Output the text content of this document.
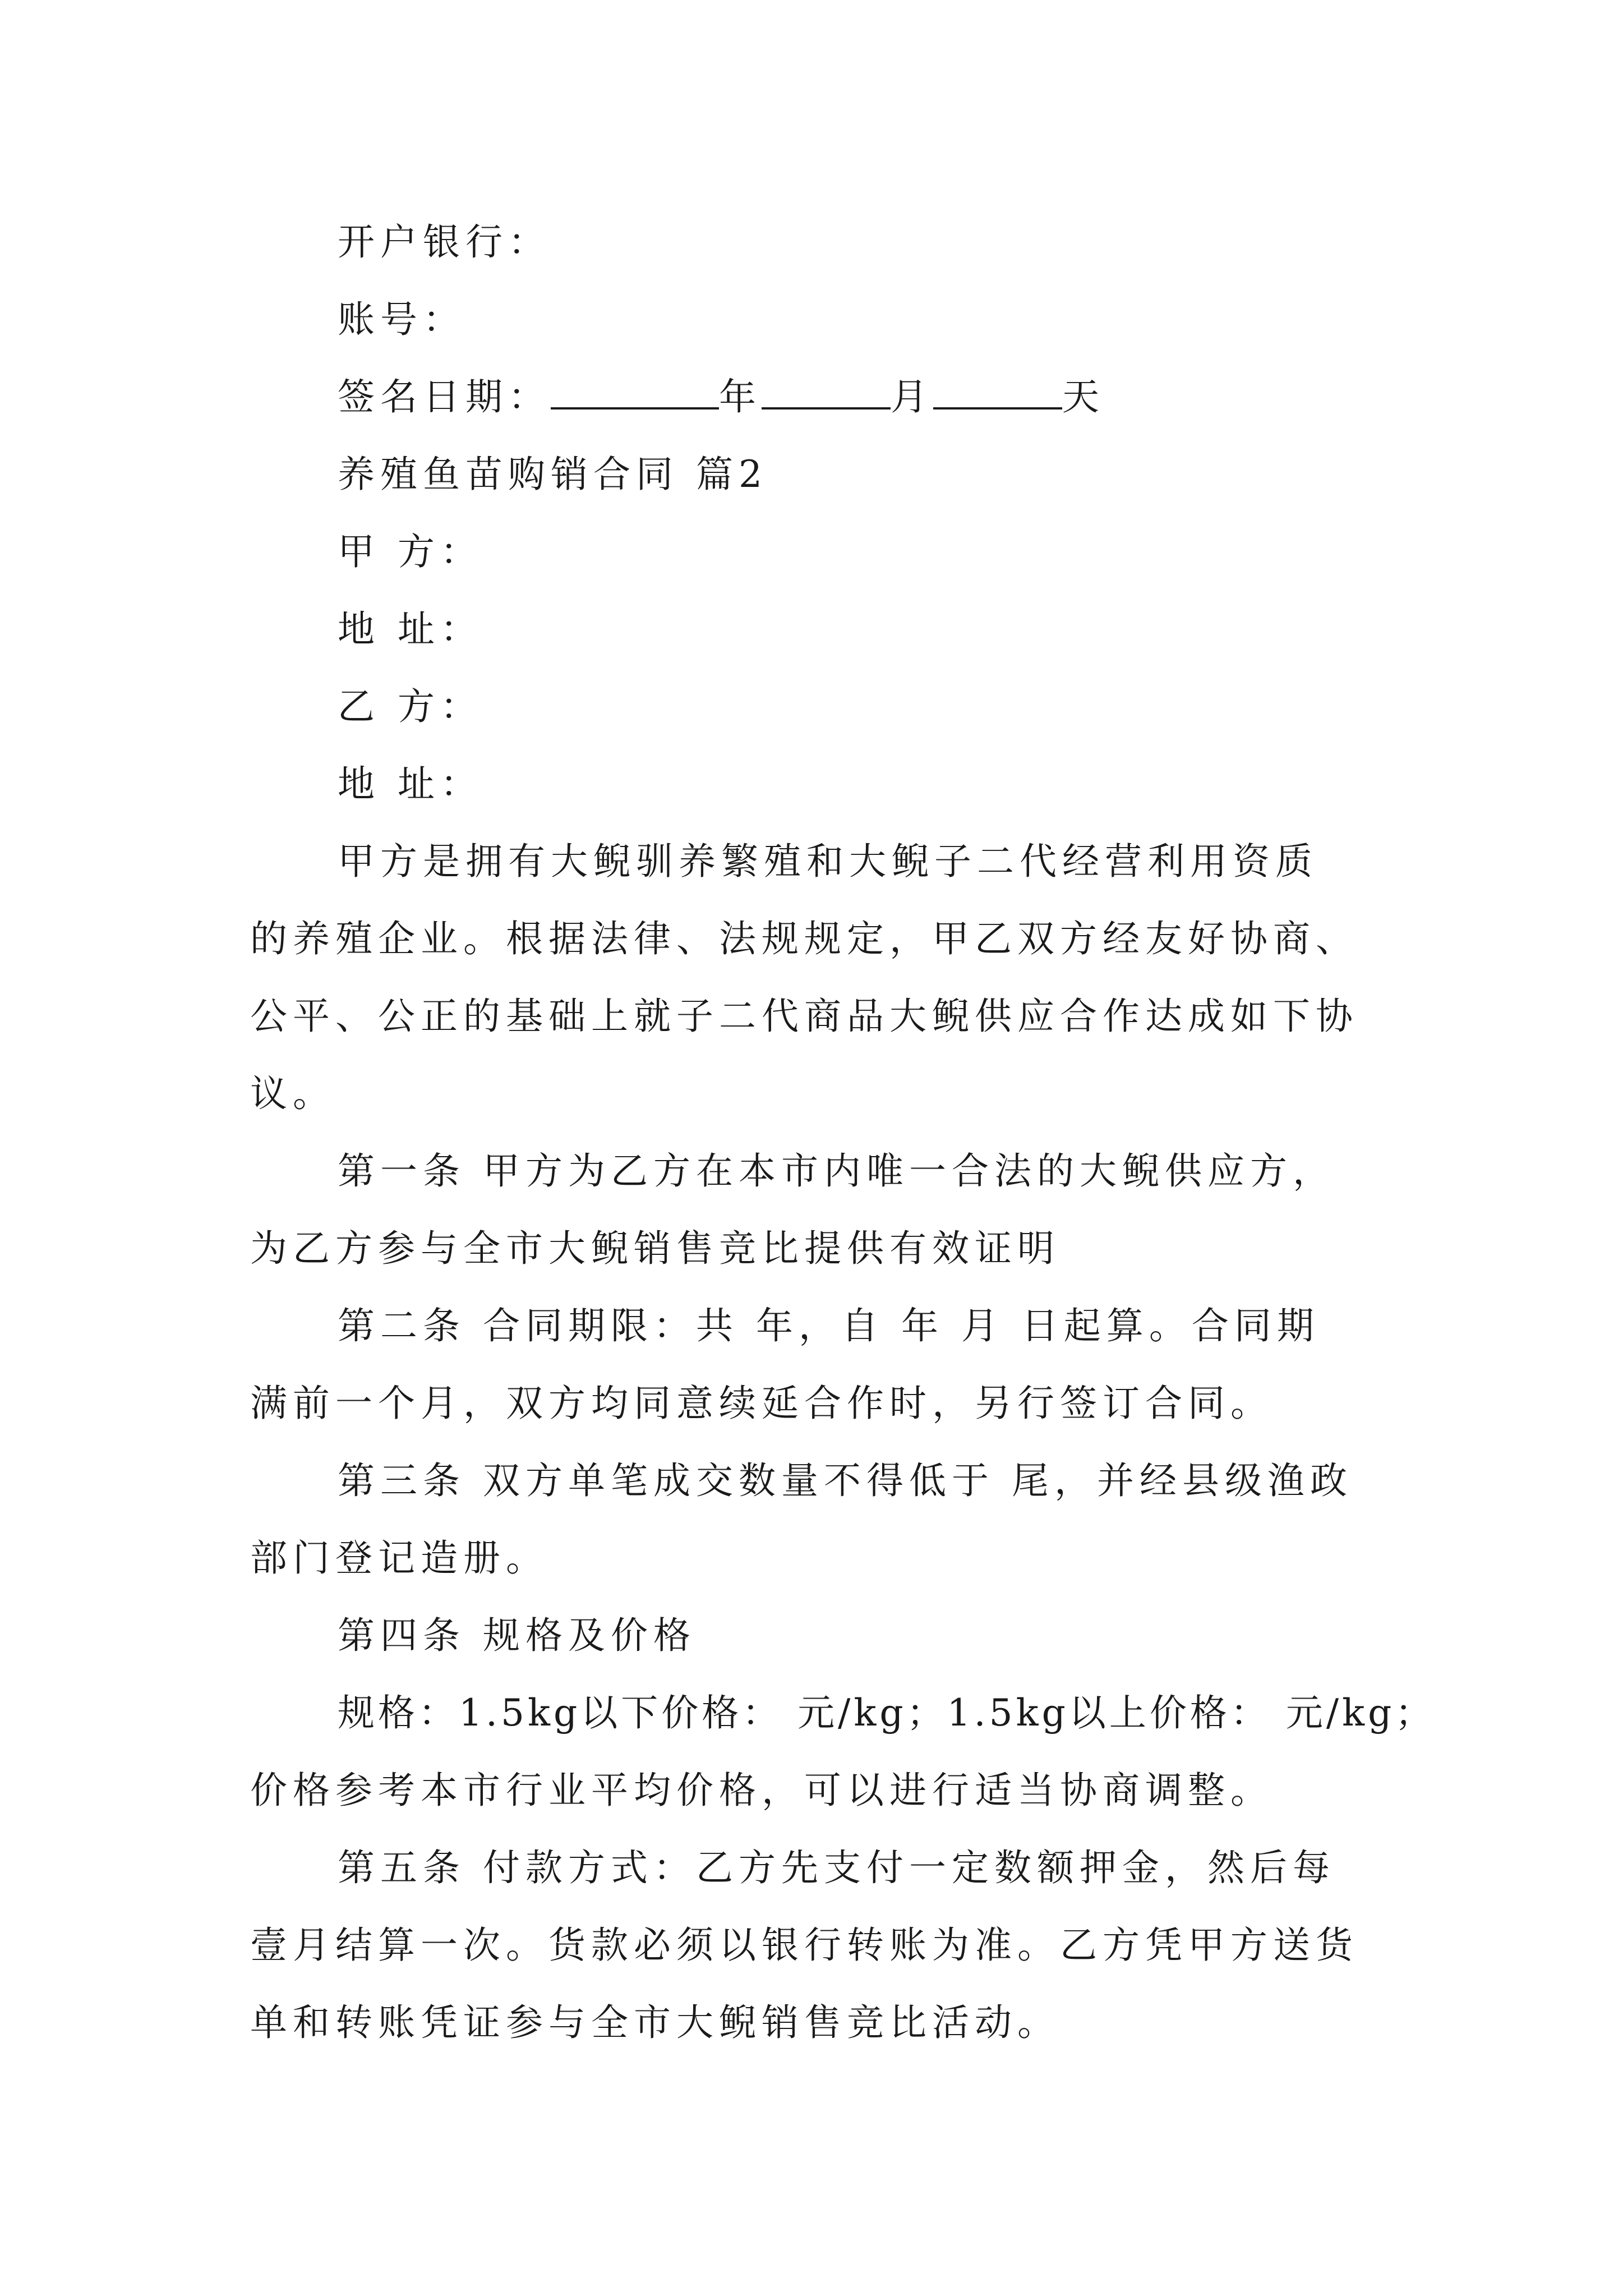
开户银行：
账号：
签名日期：	年	月	天
养殖鱼苗购销合同 篇2
甲 方：
地 址：
乙 方：
地 址：
甲方是拥有大鲵驯养繁殖和大鲵子二代经营利用资质
的养殖企业。根据法律、法规规定，甲乙双方经友好协商、
公平、公正的基础上就子二代商品大鲵供应合作达成如下协
议。
第一条 甲方为乙方在本市内唯一合法的大鲵供应方，
为乙方参与全市大鲵销售竞比提供有效证明
第二条 合同期限：共 年，自 年 月 日起算。合同期
满前一个月，双方均同意续延合作时，另行签订合同。
第三条 双方单笔成交数量不得低于 尾，并经县级渔政
部门登记造册。
第四条 规格及价格
规格：1.5kg以下价格： 元/kg；1.5kg以上价格： 元/kg；
价格参考本市行业平均价格，可以进行适当协商调整。
第五条 付款方式：乙方先支付一定数额押金，然后每
壹月结算一次。货款必须以银行转账为准。乙方凭甲方送货
单和转账凭证参与全市大鲵销售竞比活动。
